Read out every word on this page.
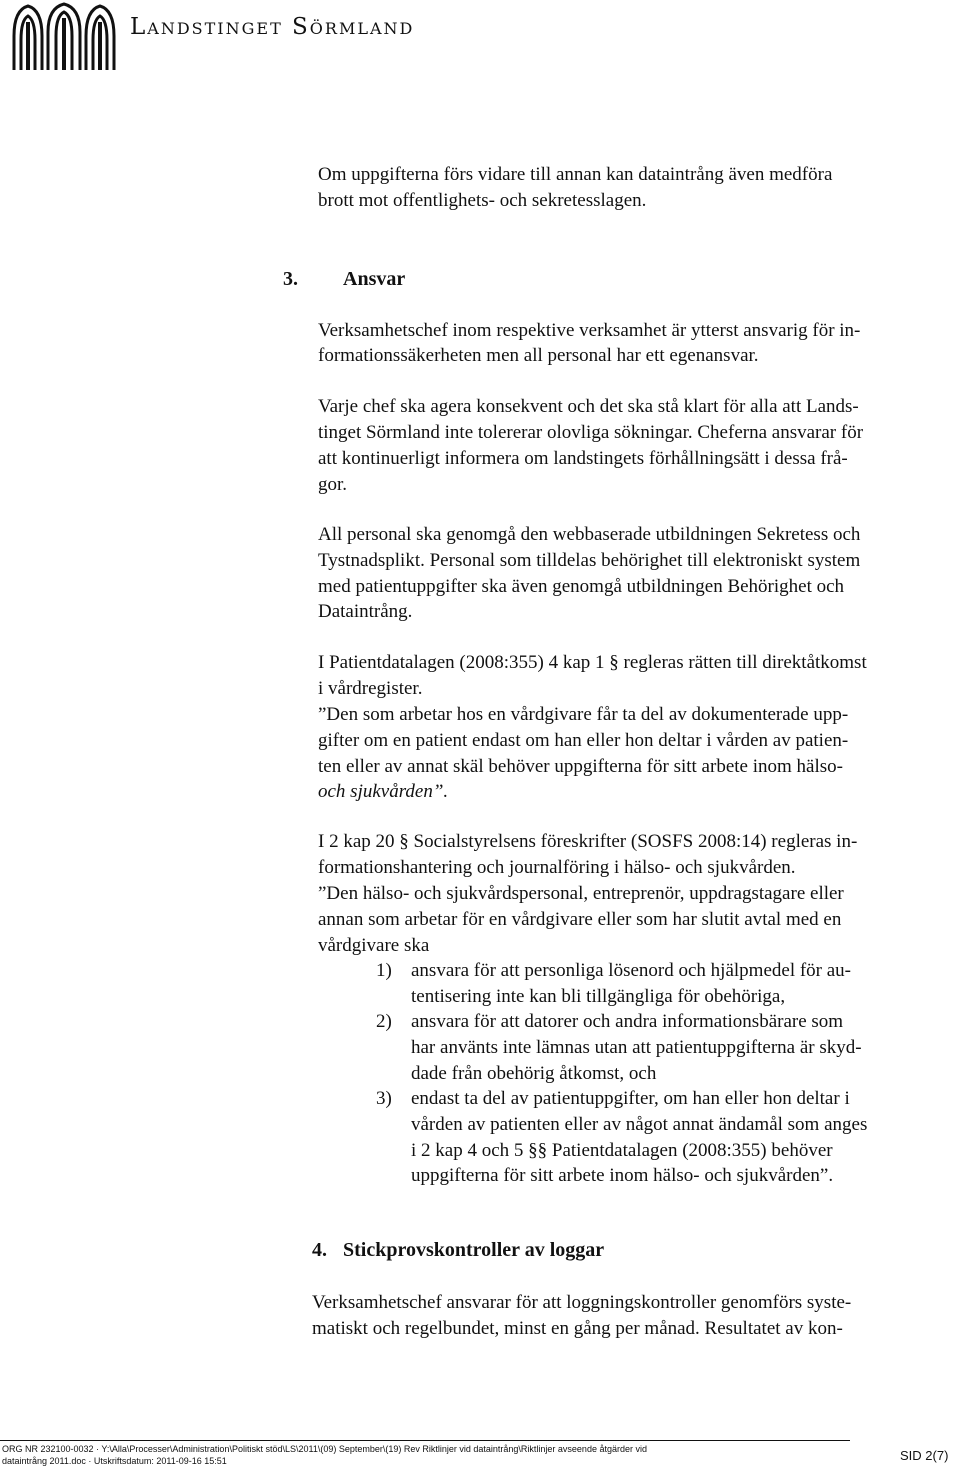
Landstinget Sörmland
Om uppgifterna förs vidare till annan kan dataintrång även medföra
brott mot offentlighets- och sekretesslagen.
3. Ansvar
Verksamhetschef inom respektive verksamhet är ytterst ansvarig för in-
formationssäkerheten men all personal har ett egenansvar.
Varje chef ska agera konsekvent och det ska stå klart för alla att Lands-
tinget Sörmland inte tolererar olovliga sökningar. Cheferna ansvarar för
att kontinuerligt informera om landstingets förhållningsätt i dessa frå-
gor.
All personal ska genomgå den webbaserade utbildningen Sekretess och
Tystnadsplikt. Personal som tilldelas behörighet till elektroniskt system
med patientuppgifter ska även genomgå utbildningen Behörighet och
Dataintrång.
I Patientdatalagen (2008:355) 4 kap 1 § regleras rätten till direktåtkomst
i vårdregister.
”Den som arbetar hos en vårdgivare får ta del av dokumenterade upp-
gifter om en patient endast om han eller hon deltar i vården av patien-
ten eller av annat skäl behöver uppgifterna för sitt arbete inom hälso-
och sjukvården”.
I 2 kap 20 § Socialstyrelsens föreskrifter (SOSFS 2008:14) regleras in-
formationshantering och journalföring i hälso- och sjukvården.
”Den hälso- och sjukvårdspersonal, entreprenör, uppdragstagare eller
annan som arbetar för en vårdgivare eller som har slutit avtal med en
vårdgivare ska
1) ansvara för att personliga lösenord och hjälpmedel för au-
tentisering inte kan bli tillgängliga för obehöriga,
2) ansvara för att datorer och andra informationsbärare som
har använts inte lämnas utan att patientuppgifterna är skyd-
dade från obehörig åtkomst, och
3) endast ta del av patientuppgifter, om han eller hon deltar i
vården av patienten eller av något annat ändamål som anges
i 2 kap 4 och 5 §§ Patientdatalagen (2008:355) behöver
uppgifterna för sitt arbete inom hälso- och sjukvården”.
4. Stickprovskontroller av loggar
Verksamhetschef ansvarar för att loggningskontroller genomförs syste-
matiskt och regelbundet, minst en gång per månad. Resultatet av kon-
ORG NR 232100-0032 · Y:\Alla\Processer\Administration\Politiskt stöd\LS\2011\(09) September\(19) Rev Riktlinjer vid dataintrång\Riktlinjer avseende åtgärder vid
dataintrång 2011.doc · Utskriftsdatum: 2011-09-16 15:51	SID 2(7)
